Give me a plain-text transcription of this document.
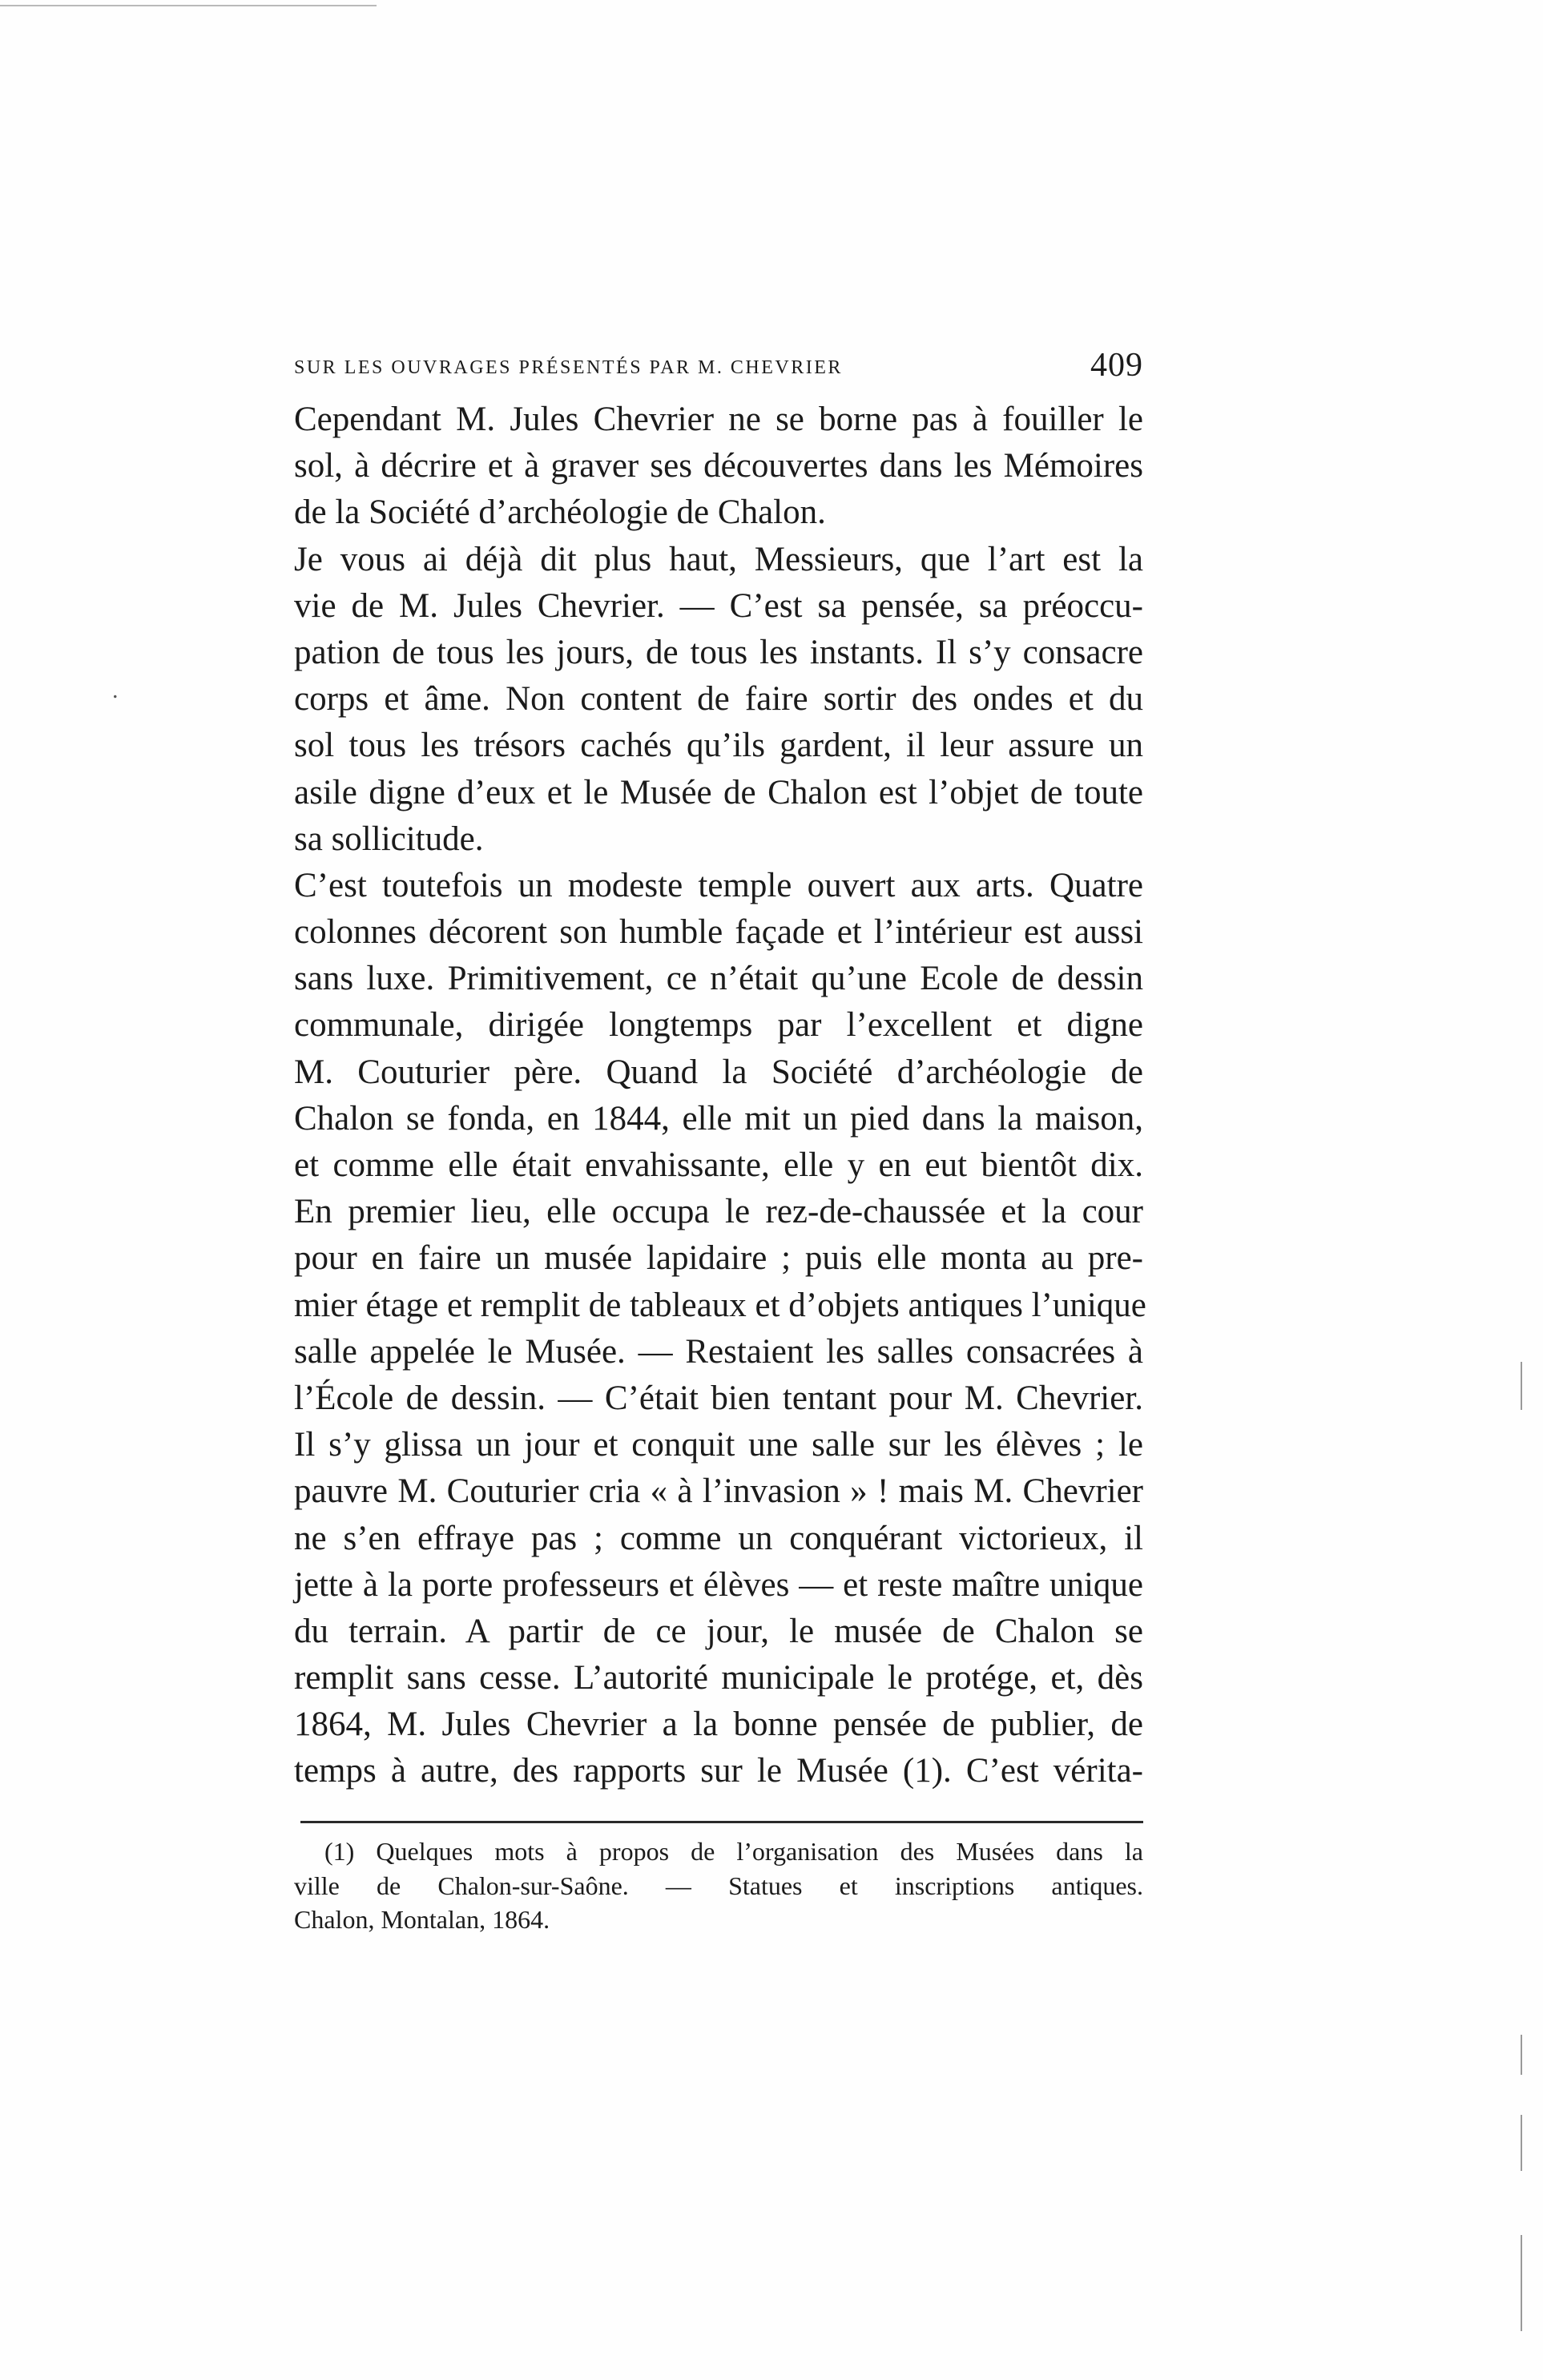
.
SUR LES OUVRAGES PRÉSENTÉS PAR M. CHEVRIER	409
Cependant M. Jules Chevrier ne se borne pas à fouiller le
sol, à décrire et à graver ses découvertes dans les Mémoires
de la Société d’archéologie de Chalon.
Je vous ai déjà dit plus haut, Messieurs, que l’art est la
vie de M. Jules Chevrier. — C’est sa pensée, sa préoccu-
pation de tous les jours, de tous les instants. Il s’y consacre
corps et âme. Non content de faire sortir des ondes et du
sol tous les trésors cachés qu’ils gardent, il leur assure un
asile digne d’eux et le Musée de Chalon est l’objet de toute
sa sollicitude.
C’est toutefois un modeste temple ouvert aux arts. Quatre
colonnes décorent son humble façade et l’intérieur est aussi
sans luxe. Primitivement, ce n’était qu’une Ecole de dessin
communale, dirigée longtemps par l’excellent et digne
M. Couturier père. Quand la Société d’archéologie de
Chalon se fonda, en 1844, elle mit un pied dans la maison,
et comme elle était envahissante, elle y en eut bientôt dix.
En premier lieu, elle occupa le rez-de-chaussée et la cour
pour en faire un musée lapidaire ; puis elle monta au pre-
mier étage et remplit de tableaux et d’objets antiques l’unique
salle appelée le Musée. — Restaient les salles consacrées à
l’École de dessin. — C’était bien tentant pour M. Chevrier.
Il s’y glissa un jour et conquit une salle sur les élèves ; le
pauvre M. Couturier cria « à l’invasion » ! mais M. Chevrier
ne s’en effraye pas ; comme un conquérant victorieux, il
jette à la porte professeurs et élèves — et reste maître unique
du terrain. A partir de ce jour, le musée de Chalon se
remplit sans cesse. L’autorité municipale le protége, et, dès
1864, M. Jules Chevrier a la bonne pensée de publier, de
temps à autre, des rapports sur le Musée (1). C’est vérita-
(1) Quelques mots à propos de l’organisation des Musées dans la
ville de Chalon-sur-Saône. — Statues et inscriptions antiques.
Chalon, Montalan, 1864.
